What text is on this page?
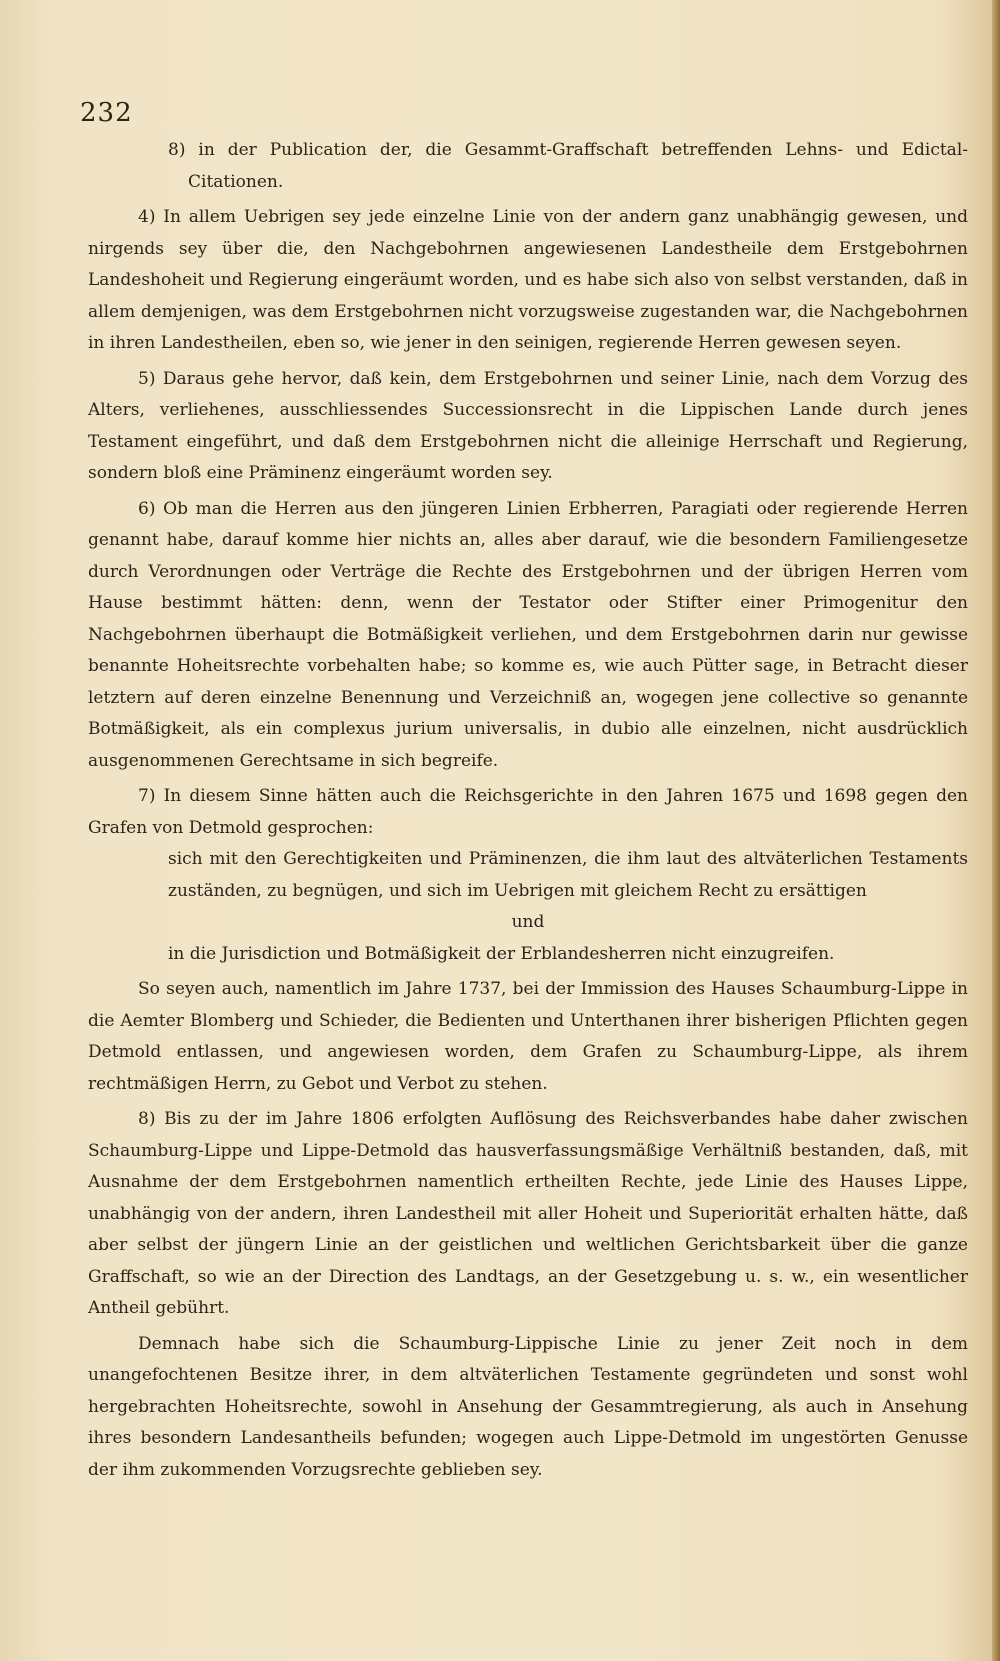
232

8) in der Publication der, die Gesammt-Graffschaft betreffenden Lehns- und Edictal-Citationen.

4) In allem Uebrigen sey jede einzelne Linie von der andern ganz unabhängig gewesen, und nirgends sey über die, den Nachgebohrnen angewiesenen Landestheile dem Erstgebohrnen Landeshoheit und Regierung eingeräumt worden, und es habe sich also von selbst verstanden, daß in allem demjenigen, was dem Erstgebohrnen nicht vorzugsweise zugestanden war, die Nachgebohrnen in ihren Landestheilen, eben so, wie jener in den seinigen, regierende Herren gewesen seyen.

5) Daraus gehe hervor, daß kein, dem Erstgebohrnen und seiner Linie, nach dem Vorzug des Alters, verliehenes, ausschliessendes Successionsrecht in die Lippischen Lande durch jenes Testament eingeführt, und daß dem Erstgebohrnen nicht die alleinige Herrschaft und Regierung, sondern bloß eine Präminenz eingeräumt worden sey.

6) Ob man die Herren aus den jüngeren Linien Erbherren, Paragiati oder regierende Herren genannt habe, darauf komme hier nichts an, alles aber darauf, wie die besondern Familiengesetze durch Verordnungen oder Verträge die Rechte des Erstgebohrnen und der übrigen Herren vom Hause bestimmt hätten: denn, wenn der Testator oder Stifter einer Primogenitur den Nachgebohrnen überhaupt die Botmäßigkeit verliehen, und dem Erstgebohrnen darin nur gewisse benannte Hoheitsrechte vorbehalten habe; so komme es, wie auch Pütter sage, in Betracht dieser letztern auf deren einzelne Benennung und Verzeichniß an, wogegen jene collective so genannte Botmäßigkeit, als ein complexus jurium universalis, in dubio alle einzelnen, nicht ausdrücklich ausgenommenen Gerechtsame in sich begreife.

7) In diesem Sinne hätten auch die Reichsgerichte in den Jahren 1675 und 1698 gegen den Grafen von Detmold gesprochen:

sich mit den Gerechtigkeiten und Präminenzen, die ihm laut des altväterlichen Testaments zuständen, zu begnügen, und sich im Uebrigen mit gleichem Recht zu ersättigen

und

in die Jurisdiction und Botmäßigkeit der Erblandesherren nicht einzugreifen.

So seyen auch, namentlich im Jahre 1737, bei der Immission des Hauses Schaumburg-Lippe in die Aemter Blomberg und Schieder, die Bedienten und Unterthanen ihrer bisherigen Pflichten gegen Detmold entlassen, und angewiesen worden, dem Grafen zu Schaumburg-Lippe, als ihrem rechtmäßigen Herrn, zu Gebot und Verbot zu stehen.

8) Bis zu der im Jahre 1806 erfolgten Auflösung des Reichsverbandes habe daher zwischen Schaumburg-Lippe und Lippe-Detmold das hausverfassungsmäßige Verhältniß bestanden, daß, mit Ausnahme der dem Erstgebohrnen namentlich ertheilten Rechte, jede Linie des Hauses Lippe, unabhängig von der andern, ihren Landestheil mit aller Hoheit und Superiorität erhalten hätte, daß aber selbst der jüngern Linie an der geistlichen und weltlichen Gerichtsbarkeit über die ganze Graffschaft, so wie an der Direction des Landtags, an der Gesetzgebung u. s. w., ein wesentlicher Antheil gebührt.

Demnach habe sich die Schaumburg-Lippische Linie zu jener Zeit noch in dem unangefochtenen Besitze ihrer, in dem altväterlichen Testamente gegründeten und sonst wohl hergebrachten Hoheitsrechte, sowohl in Ansehung der Gesammtregierung, als auch in Ansehung ihres besondern Landesantheils befunden; wogegen auch Lippe-Detmold im ungestörten Genusse der ihm zukommenden Vorzugsrechte geblieben sey.
